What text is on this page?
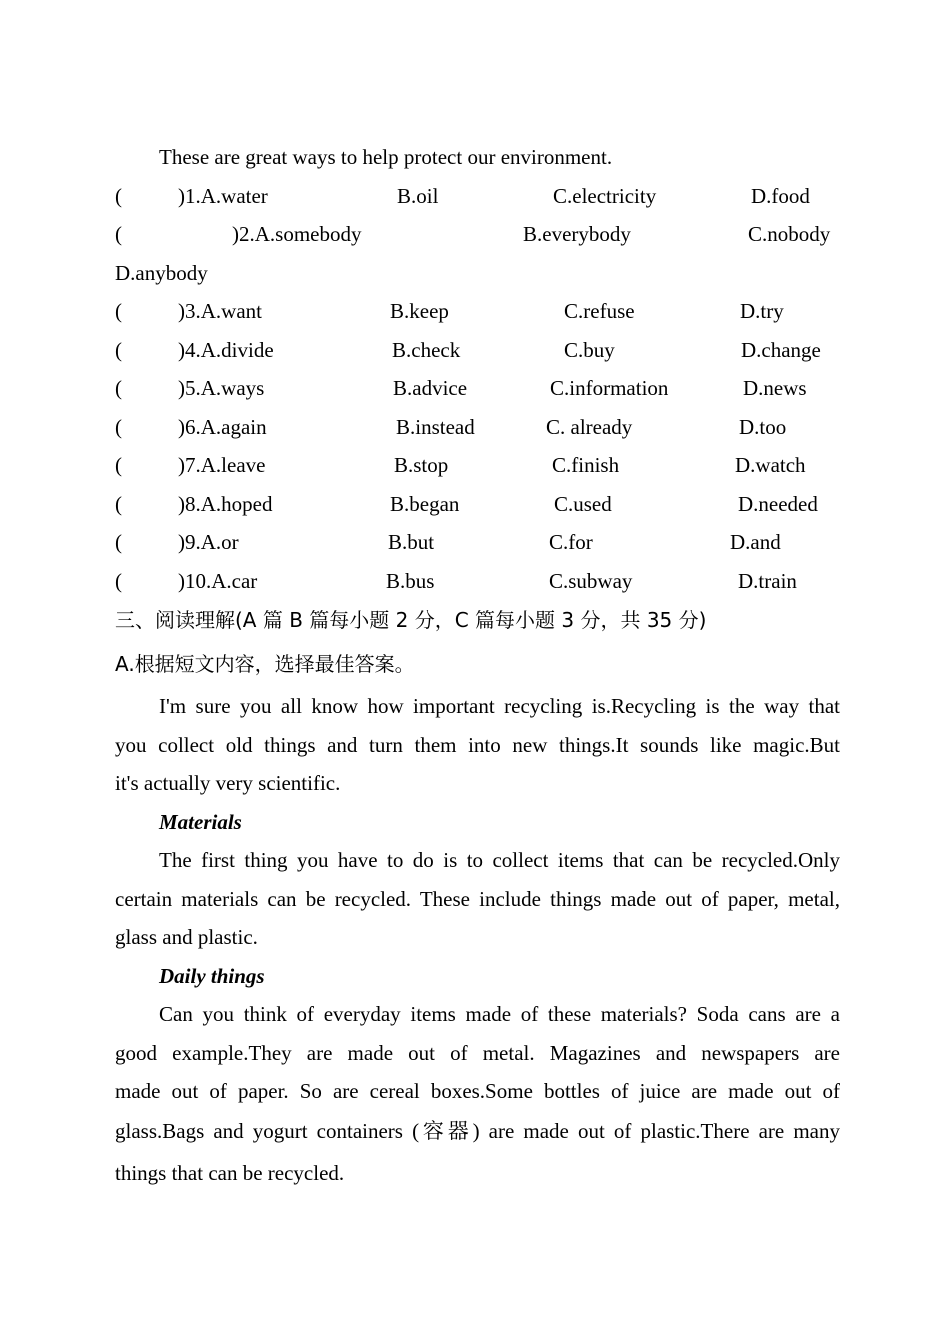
These are great ways to help protect our environment.
(	)1.A.water	B.oil	C.electricity	D.food
(	)2.A.somebody	B.everybody	C.nobody
D.anybody
(	)3.A.want	B.keep	C.refuse	D.try
(	)4.A.divide	B.check	C.buy	D.change
(	)5.A.ways	B.advice	C.information	D.news
(	)6.A.again	B.instead	C. already	D.too
(	)7.A.leave	B.stop	C.finish	D.watch
(	)8.A.hoped	B.began	C.used	D.needed
(	)9.A.or	B.but	C.for	D.and
(	)10.A.car	B.bus	C.subway	D.train
三、阅读理解(A 篇 B 篇每小题 2 分，C 篇每小题 3 分，共 35 分)
A.根据短文内容，选择最佳答案。
I'm sure you all know how important recycling is.Recycling is the way that
you collect old things and turn them into new things.It sounds like magic.But
it's actually very scientific.
Materials
The first thing you have to do is to collect items that can be recycled.Only
certain materials can be recycled. These include things made out of paper, metal,
glass and plastic.
Daily things
Can you think of everyday items made of these materials? Soda cans are a
good example.They are made out of metal. Magazines and newspapers are
made out of paper. So are cereal boxes.Some bottles of juice are made out of
glass.Bags and yogurt containers (容器) are made out of plastic.There are many
things that can be recycled.
